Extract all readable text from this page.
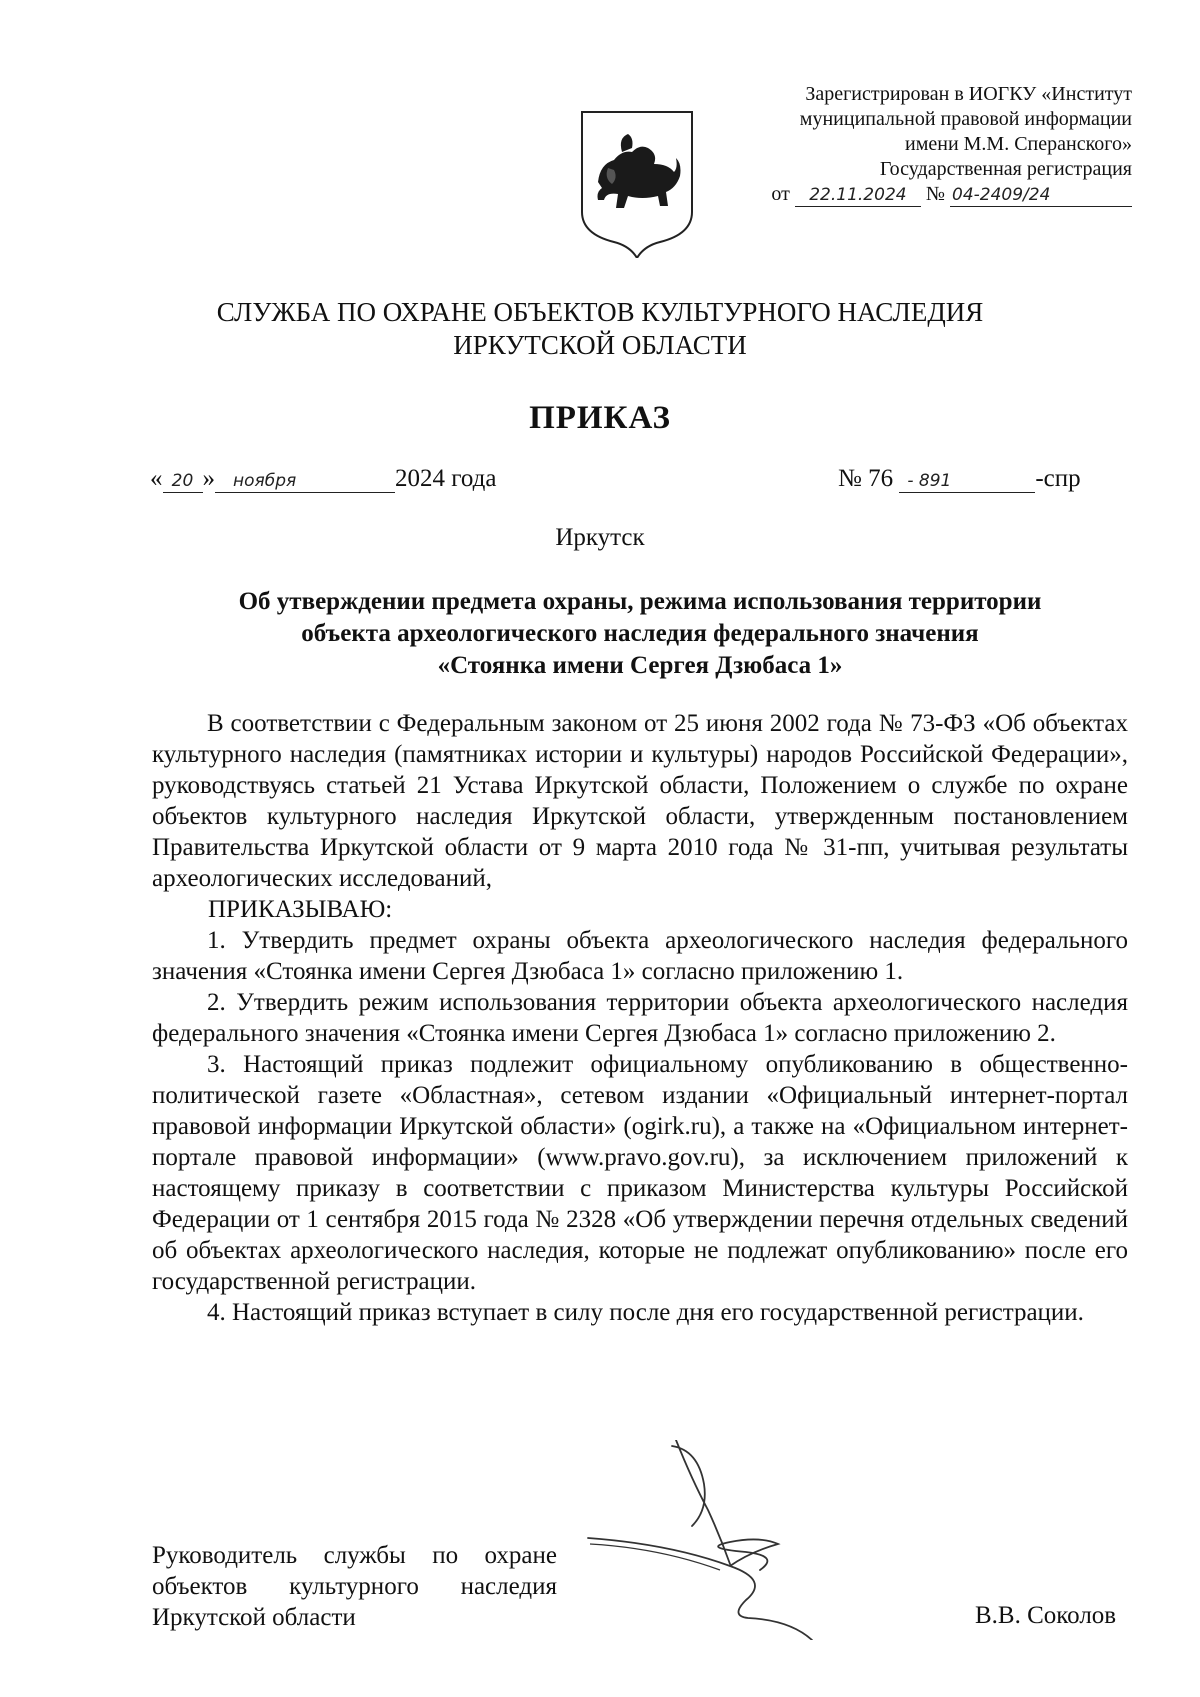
Зарегистрирован в ИОГКУ «Институт
муниципальной правовой информации
имени М.М. Сперанского»
Государственная регистрация
от 22.11.2024 № 04-2409/24
СЛУЖБА ПО ОХРАНЕ ОБЪЕКТОВ КУЛЬТУРНОГО НАСЛЕДИЯ
ИРКУТСКОЙ ОБЛАСТИ
ПРИКАЗ
« 20 » ноября	2024 года	№ 76 - 891	-спр
Иркутск
Об утверждении предмета охраны, режима использования территории
объекта археологического наследия федерального значения
«Стоянка имени Сергея Дзюбаса 1»

В соответствии с Федеральным законом от 25 июня 2002 года № 73-ФЗ «Об объектах культурного наследия (памятниках истории и культуры) народов Российской Федерации», руководствуясь статьей 21 Устава Иркутской области, Положением о службе по охране объектов культурного наследия Иркутской области, утвержденным постановлением Правительства Иркутской области от 9 марта 2010 года № 31-пп, учитывая результаты археологических исследований,

ПРИКАЗЫВАЮ:

1. Утвердить предмет охраны объекта археологического наследия федерального значения «Стоянка имени Сергея Дзюбаса 1» согласно приложению 1.

2. Утвердить режим использования территории объекта археологического наследия федерального значения «Стоянка имени Сергея Дзюбаса 1» согласно приложению 2.

3. Настоящий приказ подлежит официальному опубликованию в общественно-политической газете «Областная», сетевом издании «Официальный интернет-портал правовой информации Иркутской области» (ogirk.ru), а также на «Официальном интернет-портале правовой информации» (www.pravo.gov.ru), за исключением приложений к настоящему приказу в соответствии с приказом Министерства культуры Российской Федерации от 1 сентября 2015 года № 2328 «Об утверждении перечня отдельных сведений об объектах археологического наследия, которые не подлежат опубликованию» после его государственной регистрации.

4. Настоящий приказ вступает в силу после дня его государственной регистрации.

Руководитель службы по охране
объектов культурного наследия
Иркутской области	В.В. Соколов
